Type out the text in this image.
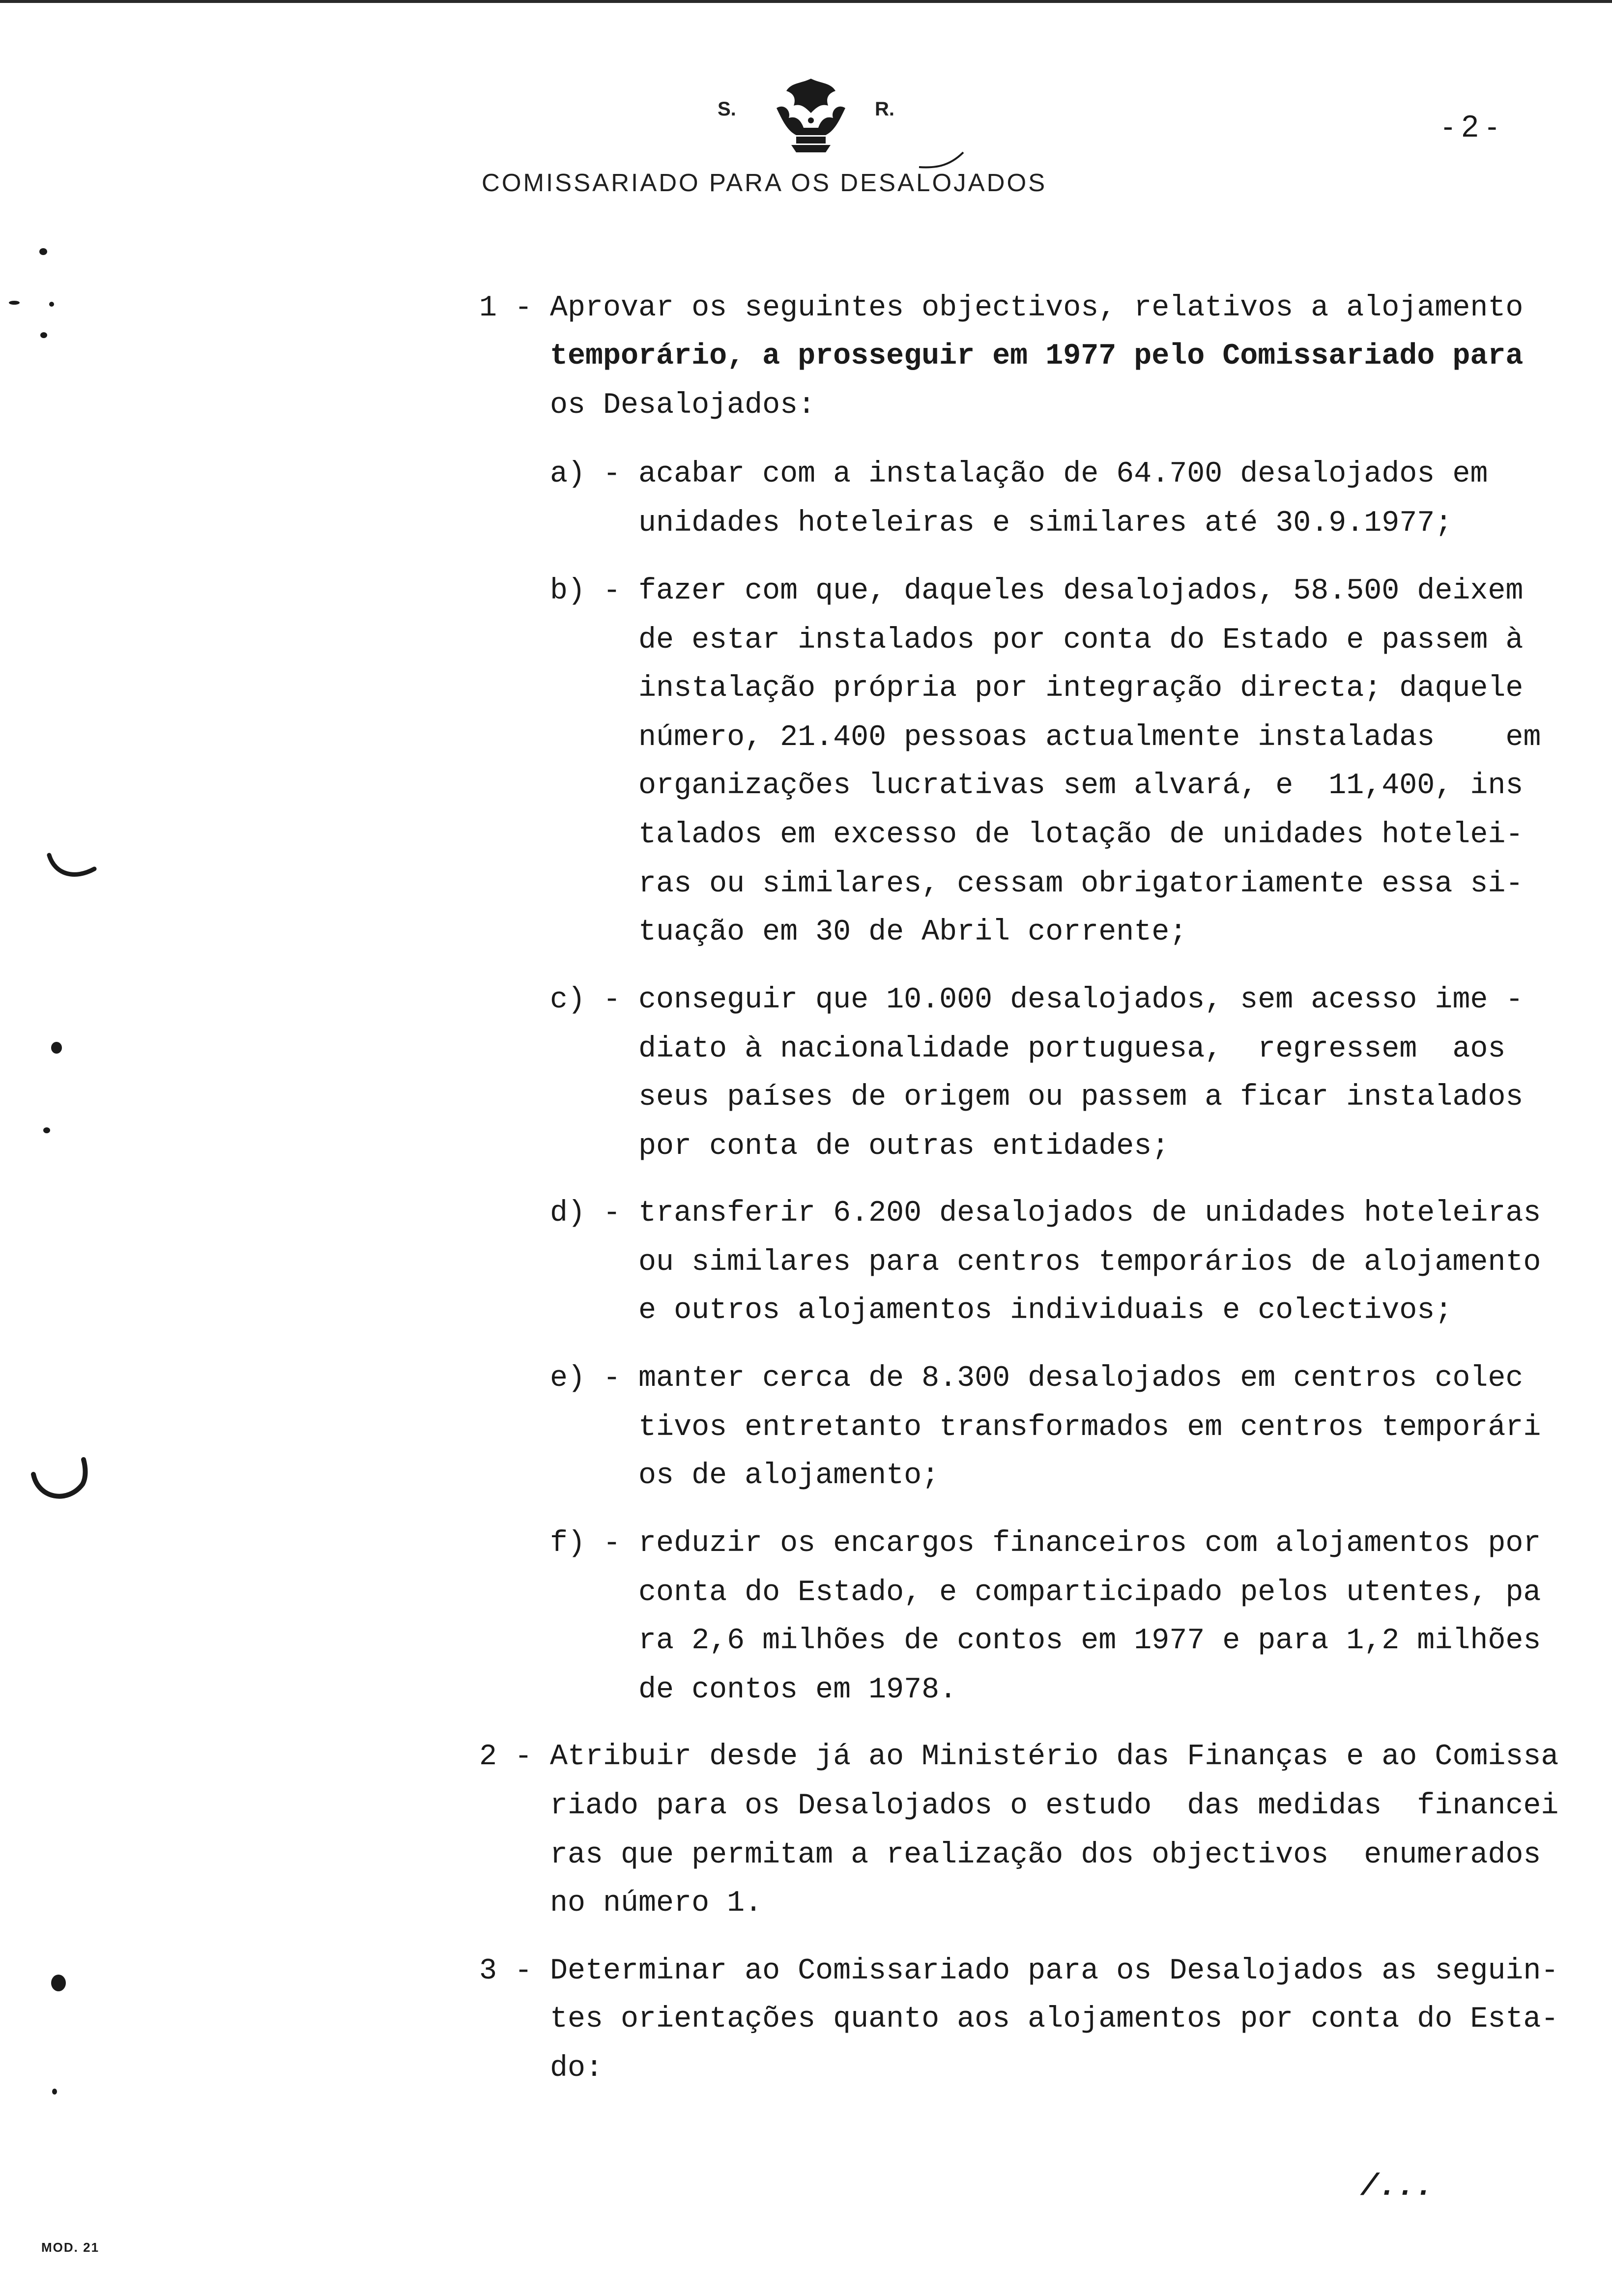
S.	R.
COMISSARIADO PARA OS DESALOJADOS
- 2 -
1 - Aprovar os seguintes objectivos, relativos a alojamento
temporário, a prosseguir em 1977 pelo Comissariado para
os Desalojados:
a) - acabar com a instalação de 64.700 desalojados em
unidades hoteleiras e similares até 30.9.1977;
b) - fazer com que, daqueles desalojados, 58.500 deixem
de estar instalados por conta do Estado e passem à
instalação própria por integração directa; daquele
número, 21.400 pessoas actualmente instaladas    em
organizações lucrativas sem alvará, e  11,400, ins
talados em excesso de lotação de unidades hotelei-
ras ou similares, cessam obrigatoriamente essa si-
tuação em 30 de Abril corrente;
c) - conseguir que 10.000 desalojados, sem acesso ime -
diato à nacionalidade portuguesa,  regressem  aos
seus países de origem ou passem a ficar instalados
por conta de outras entidades;
d) - transferir 6.200 desalojados de unidades hoteleiras
ou similares para centros temporários de alojamento
e outros alojamentos individuais e colectivos;
e) - manter cerca de 8.300 desalojados em centros colec
tivos entretanto transformados em centros temporári
os de alojamento;
f) - reduzir os encargos financeiros com alojamentos por
conta do Estado, e comparticipado pelos utentes, pa
ra 2,6 milhões de contos em 1977 e para 1,2 milhões
de contos em 1978.
2 - Atribuir desde já ao Ministério das Finanças e ao Comissa
riado para os Desalojados o estudo  das medidas  financei
ras que permitam a realização dos objectivos  enumerados
no número 1.
3 - Determinar ao Comissariado para os Desalojados as seguin-
tes orientações quanto aos alojamentos por conta do Esta-
do:
MOD. 21
/...
